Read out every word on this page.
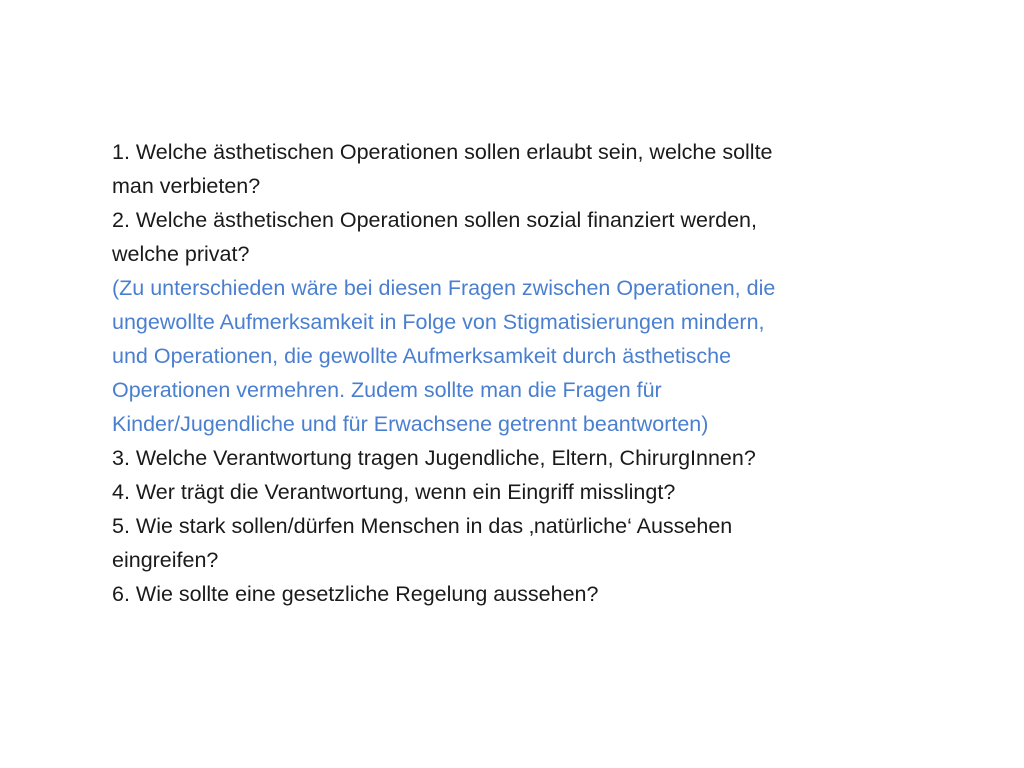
1. Welche ästhetischen Operationen sollen erlaubt sein, welche sollte
man verbieten?
2. Welche ästhetischen Operationen sollen sozial finanziert werden,
welche privat?
(Zu unterschieden wäre bei diesen Fragen zwischen Operationen, die
ungewollte Aufmerksamkeit in Folge von Stigmatisierungen mindern,
und Operationen, die gewollte Aufmerksamkeit durch ästhetische
Operationen vermehren. Zudem sollte man die Fragen für
Kinder/Jugendliche und für Erwachsene getrennt beantworten)
3. Welche Verantwortung tragen Jugendliche, Eltern, ChirurgInnen?
4. Wer trägt die Verantwortung, wenn ein Eingriff misslingt?
5. Wie stark sollen/dürfen Menschen in das ‚natürliche‘ Aussehen
eingreifen?
6. Wie sollte eine gesetzliche Regelung aussehen?
